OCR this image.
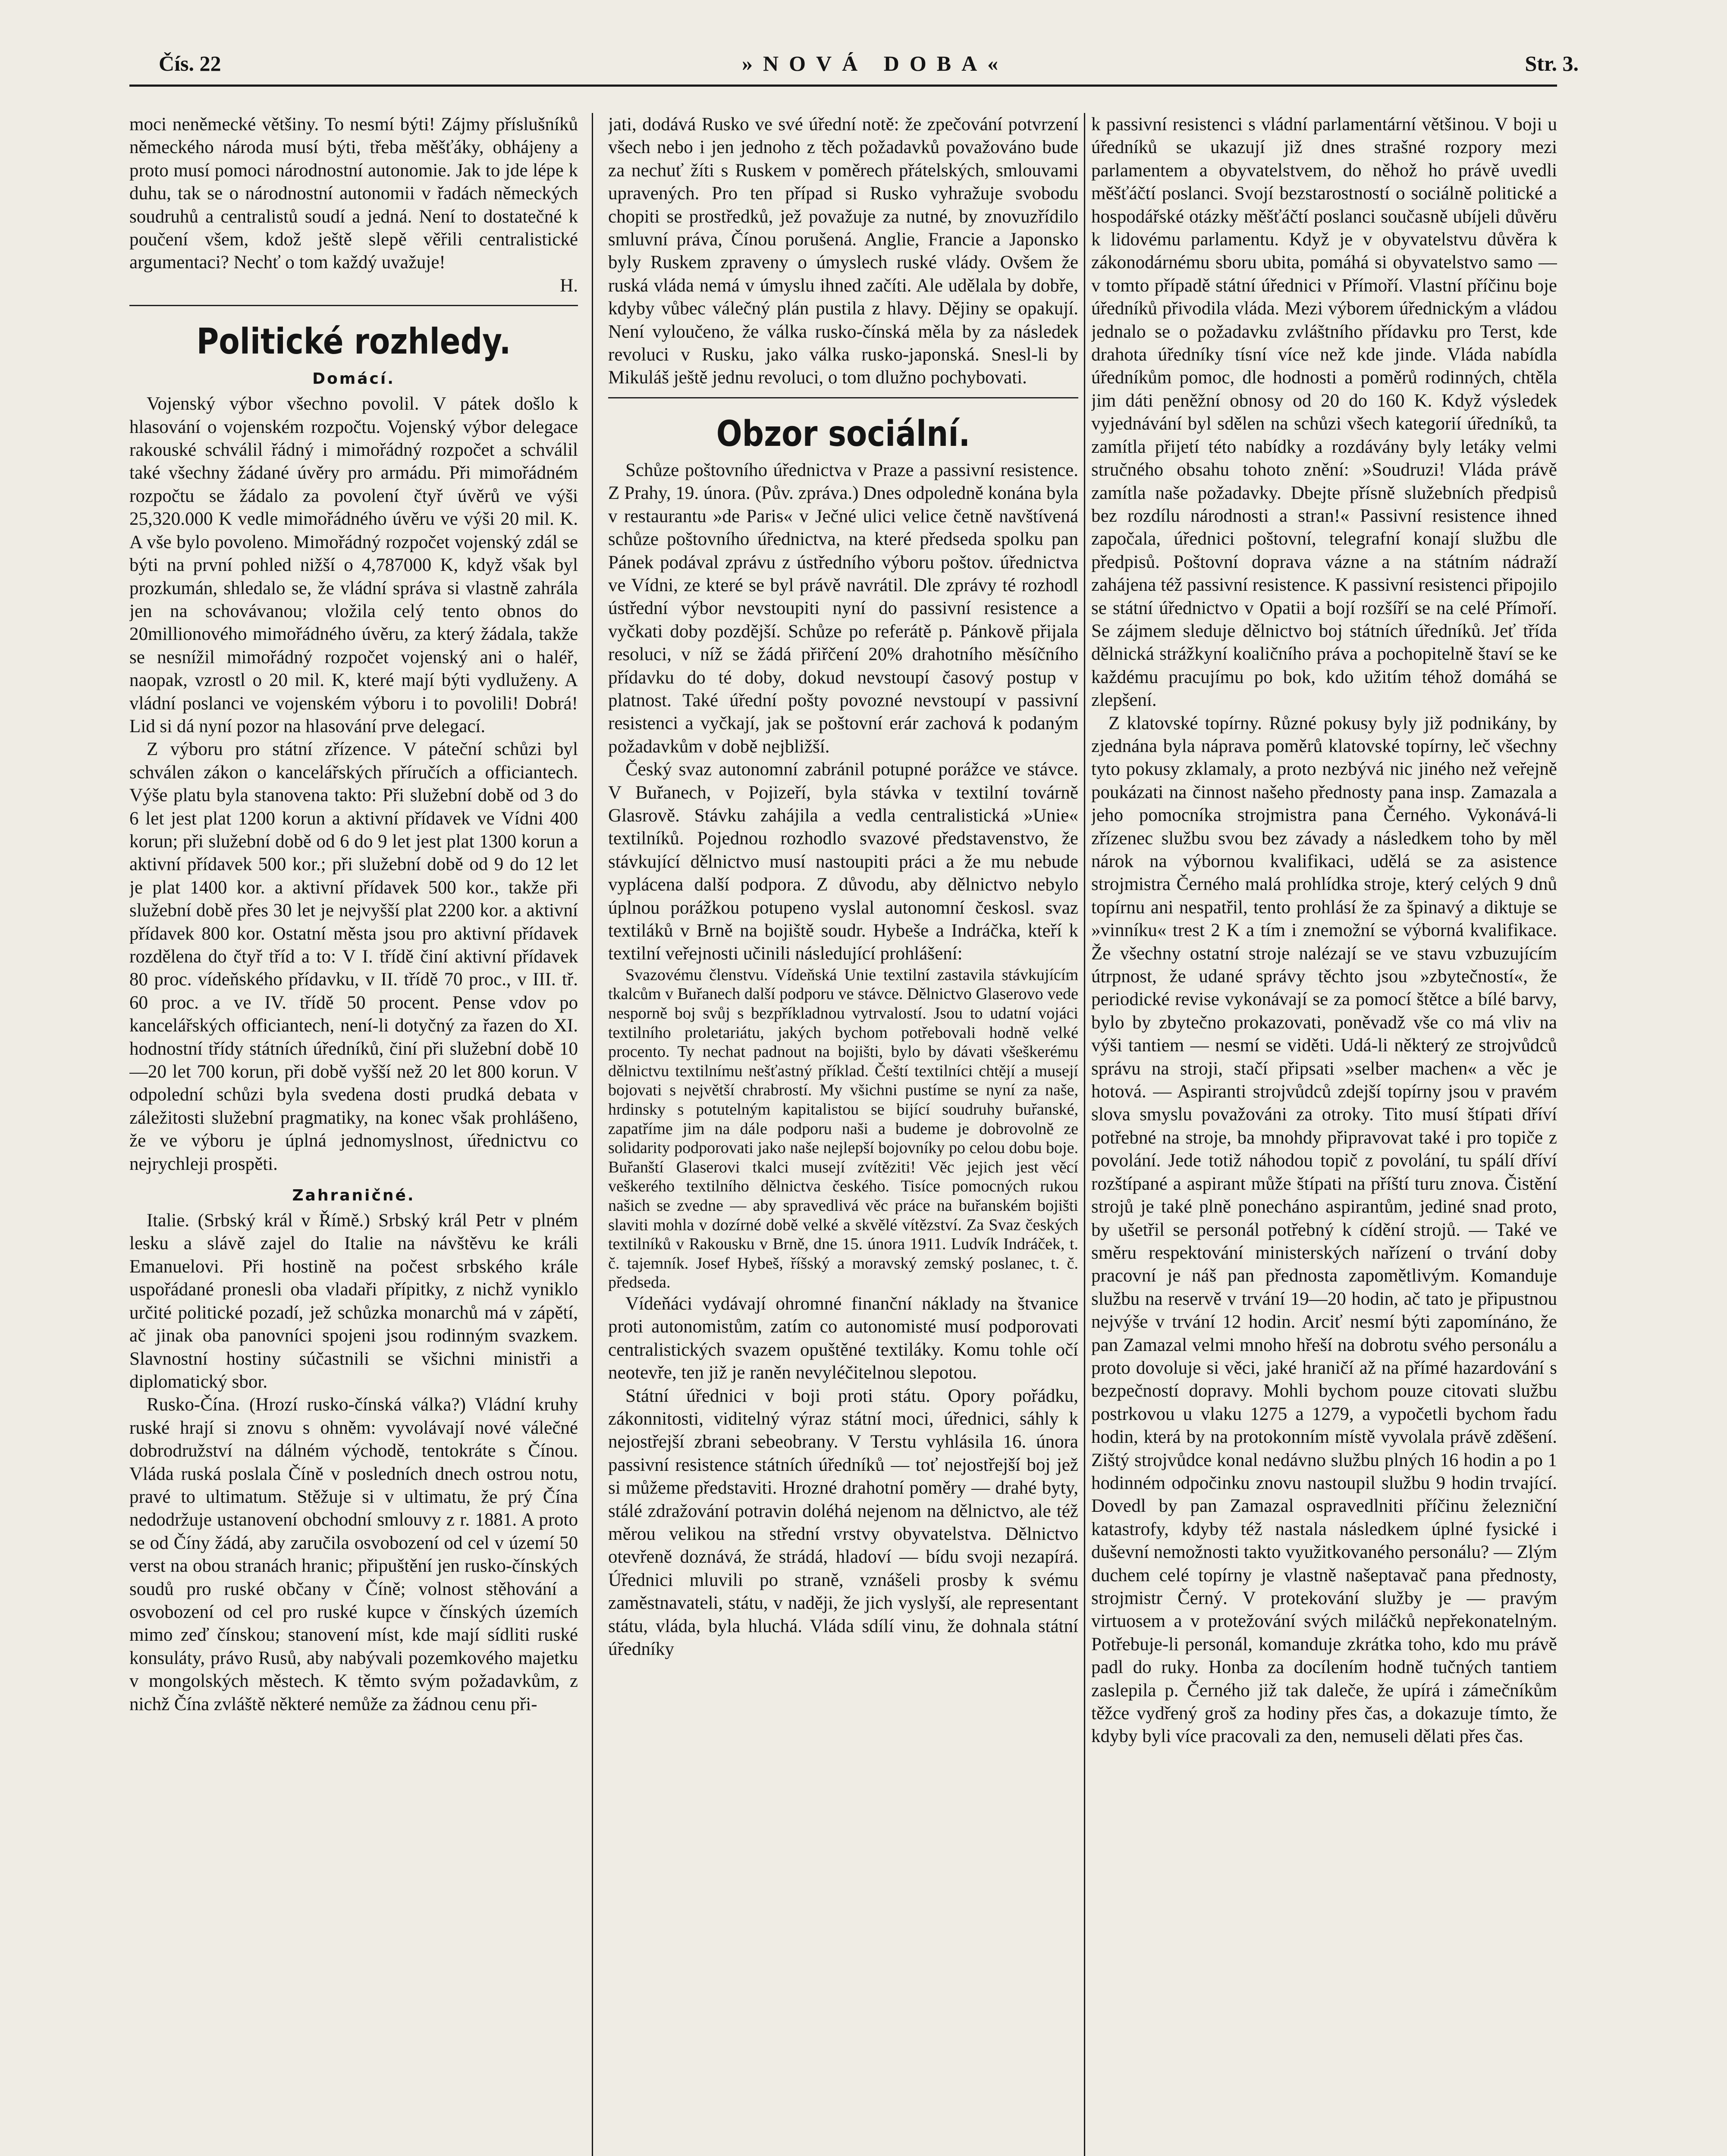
Čís. 22	»NOVÁ DOBA«	Str. 3.

moci neněmecké většiny. To nesmí býti! Zájmy příslušníků německého národa musí býti, třeba měšťáky, obhájeny a proto musí pomoci národnostní autonomie. Jak to jde lépe k duhu, tak se o národnostní autonomii v řadách německých soudruhů a centralistů soudí a jedná. Není to dostatečné k poučení všem, kdož ještě slepě věřili centralistické argumentaci? Nechť o tom každý uvažuje!

H.

Politické rozhledy.
Domácí.

Vojenský výbor všechno povolil. V pátek došlo k hlasování o vojenském rozpočtu. Vojenský výbor delegace rakouské schválil řádný i mimořádný rozpočet a schválil také všechny žádané úvěry pro armádu. Při mimořádném rozpočtu se žádalo za povolení čtyř úvěrů ve výši 25,320.000 K vedle mimořádného úvěru ve výši 20 mil. K. A vše bylo povoleno. Mimořádný rozpočet vojenský zdál se býti na první pohled nižší o 4,787000 K, když však byl prozkumán, shledalo se, že vládní správa si vlastně zahrála jen na schovávanou; vložila celý tento obnos do 20millionového mimořádného úvěru, za který žádala, takže se nesnížil mimořádný rozpočet vojenský ani o haléř, naopak, vzrostl o 20 mil. K, které mají býti vydluženy. A vládní poslanci ve vojenském výboru i to povolili! Dobrá! Lid si dá nyní pozor na hlasování prve delegací.

Z výboru pro státní zřízence. V páteční schůzi byl schválen zákon o kancelářských příručích a officiantech. Výše platu byla stanovena takto: Při služební době od 3 do 6 let jest plat 1200 korun a aktivní přídavek ve Vídni 400 korun; při služební době od 6 do 9 let jest plat 1300 korun a aktivní přídavek 500 kor.; při služební době od 9 do 12 let je plat 1400 kor. a aktivní přídavek 500 kor., takže při služební době přes 30 let je nejvyšší plat 2200 kor. a aktivní přídavek 800 kor. Ostatní města jsou pro aktivní přídavek rozdělena do čtyř tříd a to: V I. třídě činí aktivní přídavek 80 proc. vídeňského přídavku, v II. třídě 70 proc., v III. tř. 60 proc. a ve IV. třídě 50 procent. Pense vdov po kancelářských officiantech, není-li dotyčný za řazen do XI. hodnostní třídy státních úředníků, činí při služební době 10—20 let 700 korun, při době vyšší než 20 let 800 korun. V odpolední schůzi byla svedena dosti prudká debata v záležitosti služební pragmatiky, na konec však prohlášeno, že ve výboru je úplná jednomyslnost, úřednictvu co nejrychleji prospěti.

Zahraničné.

Italie. (Srbský král v Římě.) Srbský král Petr v plném lesku a slávě zajel do Italie na návštěvu ke králi Emanuelovi. Při hostině na počest srbského krále uspořádané pronesli oba vladaři přípitky, z nichž vyniklo určité politické pozadí, jež schůzka monarchů má v zápětí, ač jinak oba panovníci spojeni jsou rodinným svazkem. Slavnostní hostiny súčastnili se všichni ministři a diplomatický sbor.

Rusko-Čína. (Hrozí rusko-čínská válka?) Vládní kruhy ruské hrají si znovu s ohněm: vyvolávají nové válečné dobrodružství na dálném východě, tentokráte s Čínou. Vláda ruská poslala Číně v posledních dnech ostrou notu, pravé to ultimatum. Stěžuje si v ultimatu, že prý Čína nedodržuje ustanovení obchodní smlouvy z r. 1881. A proto se od Číny žádá, aby zaručila osvobození od cel v území 50 verst na obou stranách hranic; připuštění jen rusko-čínských soudů pro ruské občany v Číně; volnost stěhování a osvobození od cel pro ruské kupce v čínských územích mimo zeď čínskou; stanovení míst, kde mají sídliti ruské konsuláty, právo Rusů, aby nabývali pozemkového majetku v mongolských městech. K těmto svým požadavkům, z nichž Čína zvláště některé nemůže za žádnou cenu při-

jati, dodává Rusko ve své úřední notě: že zpečování potvrzení všech nebo i jen jednoho z těch požadavků považováno bude za nechuť žíti s Ruskem v poměrech přátelských, smlouvami upravených. Pro ten případ si Rusko vyhražuje svobodu chopiti se prostředků, jež považuje za nutné, by znovuzřídilo smluvní práva, Čínou porušená. Anglie, Francie a Japonsko byly Ruskem zpraveny o úmyslech ruské vlády. Ovšem že ruská vláda nemá v úmyslu ihned začíti. Ale udělala by dobře, kdyby vůbec válečný plán pustila z hlavy. Dějiny se opakují. Není vyloučeno, že válka rusko-čínská měla by za následek revoluci v Rusku, jako válka rusko-japonská. Snesl-li by Mikuláš ještě jednu revoluci, o tom dlužno pochybovati.

Obzor sociální.

Schůze poštovního úřednictva v Praze a passivní resistence. Z Prahy, 19. února. (Pův. zpráva.) Dnes odpoledně konána byla v restaurantu »de Paris« v Ječné ulici velice četně navštívená schůze poštovního úřednictva, na které předseda spolku pan Pánek podával zprávu z ústředního výboru poštov. úřednictva ve Vídni, ze které se byl právě navrátil. Dle zprávy té rozhodl ústřední výbor nevstoupiti nyní do passivní resistence a vyčkati doby pozdější. Schůze po referátě p. Pánkově přijala resoluci, v níž se žádá přiřčení 20% drahotního měsíčního přídavku do té doby, dokud nevstoupí časový postup v platnost. Také úřední pošty povozné nevstoupí v passivní resistenci a vyčkají, jak se poštovní erár zachová k podaným požadavkům v době nejbližší.

Český svaz autonomní zabránil potupné porážce ve stávce. V Buřanech, v Pojizeří, byla stávka v textilní továrně Glasrově. Stávku zahájila a vedla centralistická »Unie« textilníků. Pojednou rozhodlo svazové představenstvo, že stávkující dělnictvo musí nastoupiti práci a že mu nebude vyplácena další podpora. Z důvodu, aby dělnictvo nebylo úplnou porážkou potupeno vyslal autonomní českosl. svaz textiláků v Brně na bojiště soudr. Hybeše a Indráčka, kteří k textilní veřejnosti učinili následující prohlášení:

Svazovému členstvu. Vídeňská Unie textilní zastavila stávkujícím tkalcům v Buřanech další podporu ve stávce. Dělnictvo Glaserovo vede nesporně boj svůj s bezpříkladnou vytrvalostí. Jsou to udatní vojáci textilního proletariátu, jakých bychom potřebovali hodně velké procento. Ty nechat padnout na bojišti, bylo by dávati všeškerému dělnictvu textilnímu nešťastný příklad. Čeští textilníci chtějí a musejí bojovati s největší chrabrostí. My všichni pustíme se nyní za naše, hrdinsky s potutelným kapitalistou se bijící soudruhy buřanské, zapatříme jim na dále podporu naši a budeme je dobrovolně ze solidarity podporovati jako naše nejlepší bojovníky po celou dobu boje. Buřanští Glaserovi tkalci musejí zvítěziti! Věc jejich jest věcí veškerého textilního dělnictva českého. Tisíce pomocných rukou našich se zvedne — aby spravedlivá věc práce na buřanském bojišti slaviti mohla v dozírné době velké a skvělé vítězství. Za Svaz českých textilníků v Rakousku v Brně, dne 15. února 1911. Ludvík Indráček, t. č. tajemník. Josef Hybeš, říšský a moravský zemský poslanec, t. č. předseda.

Vídeňáci vydávají ohromné finanční náklady na štvanice proti autonomistům, zatím co autonomisté musí podporovati centralistických svazem opuštěné textiláky. Komu tohle očí neotevře, ten již je raněn nevyléčitelnou slepotou.

Státní úřednici v boji proti státu. Opory pořádku, zákonnitosti, viditelný výraz státní moci, úřednici, sáhly k nejostřejší zbrani sebeobrany. V Terstu vyhlásila 16. února passivní resistence státních úředníků — toť nejostřejší boj jež si můžeme představiti. Hrozné drahotní poměry — drahé byty, stálé zdražování potravin doléhá nejenom na dělnictvo, ale též měrou velikou na střední vrstvy obyvatelstva. Dělnictvo otevřeně doznává, že strádá, hladoví — bídu svoji nezapírá. Úřednici mluvili po straně, vznášeli prosby k svému zaměstnavateli, státu, v naději, že jich vyslyší, ale representant státu, vláda, byla hluchá. Vláda sdílí vinu, že dohnala státní úředníky

k passivní resistenci s vládní parlamentární většinou. V boji u úředníků se ukazují již dnes strašné rozpory mezi parlamentem a obyvatelstvem, do něhož ho právě uvedli měšťáčtí poslanci. Svojí bezstarostností o sociálně politické a hospodářské otázky měšťáčtí poslanci současně ubíjeli důvěru k lidovému parlamentu. Když je v obyvatelstvu důvěra k zákonodárnému sboru ubita, pomáhá si obyvatelstvo samo — v tomto případě státní úřednici v Přímoří. Vlastní příčinu boje úředníků přivodila vláda. Mezi výborem úřednickým a vládou jednalo se o požadavku zvláštního přídavku pro Terst, kde drahota úředníky tísní více než kde jinde. Vláda nabídla úředníkům pomoc, dle hodnosti a poměrů rodinných, chtěla jim dáti peněžní obnosy od 20 do 160 K. Když výsledek vyjednávání byl sdělen na schůzi všech kategorií úředníků, ta zamítla přijetí této nabídky a rozdávány byly letáky velmi stručného obsahu tohoto znění: »Soudruzi! Vláda právě zamítla naše požadavky. Dbejte přísně služebních předpisů bez rozdílu národnosti a stran!« Passivní resistence ihned započala, úřednici poštovní, telegrafní konají službu dle předpisů. Poštovní doprava vázne a na státním nádraží zahájena též passivní resistence. K passivní resistenci připojilo se státní úřednictvo v Opatii a bojí rozšíří se na celé Přímoří. Se zájmem sleduje dělnictvo boj státních úředníků. Jeť třída dělnická strážkyní koaličního práva a pochopitelně štaví se ke každému pracujímu po bok, kdo užitím téhož domáhá se zlepšení.

Z klatovské topírny. Různé pokusy byly již podnikány, by zjednána byla náprava poměrů klatovské topírny, leč všechny tyto pokusy zklamaly, a proto nezbývá nic jiného než veřejně poukázati na činnost našeho přednosty pana insp. Zamazala a jeho pomocníka strojmistra pana Černého. Vykonává-li zřízenec službu svou bez závady a následkem toho by měl nárok na výbornou kvalifikaci, udělá se za asistence strojmistra Černého malá prohlídka stroje, který celých 9 dnů topírnu ani nespatřil, tento prohlásí že za špinavý a diktuje se »vinníku« trest 2 K a tím i znemožní se výborná kvalifikace. Že všechny ostatní stroje nalézají se ve stavu vzbuzujícím útrpnost, že udané správy těchto jsou »zbytečností«, že periodické revise vykonávají se za pomocí štětce a bílé barvy, bylo by zbytečno prokazovati, poněvadž vše co má vliv na výši tantiem — nesmí se viděti. Udá-li některý ze strojvůdců správu na stroji, stačí připsati »selber machen« a věc je hotová. — Aspiranti strojvůdců zdejší topírny jsou v pravém slova smyslu považováni za otroky. Tito musí štípati dříví potřebné na stroje, ba mnohdy připravovat také i pro topiče z povolání. Jede totiž náhodou topič z povolání, tu spálí dříví rozštípané a aspirant může štípati na příští turu znova. Čistění strojů je také plně ponecháno aspirantům, jediné snad proto, by ušetřil se personál potřebný k cídění strojů. — Také ve směru respektování ministerských nařízení o trvání doby pracovní je náš pan přednosta zapomětlivým. Komanduje službu na reservě v trvání 19—20 hodin, ač tato je připustnou nejvýše v trvání 12 hodin. Arciť nesmí býti zapomínáno, že pan Zamazal velmi mnoho hřeší na dobrotu svého personálu a proto dovoluje si věci, jaké hraničí až na přímé hazardování s bezpečností dopravy. Mohli bychom pouze citovati službu postrkovou u vlaku 1275 a 1279, a vypočetli bychom řadu hodin, která by na protokonním místě vyvolala právě zděšení. Zištý strojvůdce konal nedávno službu plných 16 hodin a po 1 hodinném odpočinku znovu nastoupil službu 9 hodin trvající. Dovedl by pan Zamazal ospravedlniti příčinu železniční katastrofy, kdyby též nastala následkem úplné fysické i duševní nemožnosti takto využitkovaného personálu? — Zlým duchem celé topírny je vlastně našeptavač pana přednosty, strojmistr Černý. V protekování služby je — pravým virtuosem a v protežování svých miláčků nepřekonatelným. Potřebuje-li personál, komanduje zkrátka toho, kdo mu právě padl do ruky. Honba za docílením hodně tučných tantiem zaslepila p. Černého již tak daleče, že upírá i zámečníkům těžce vydřený groš za hodiny přes čas, a dokazuje tímto, že kdyby byli více pracovali za den, nemuseli dělati přes čas.
